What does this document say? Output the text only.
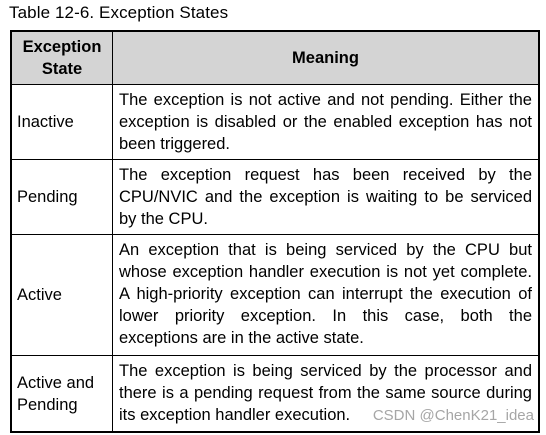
Table 12-6. Exception States
Exception
State	Meaning
Inactive	The exception is not active and not pending. Either the exception is disabled or the enabled exception has not been triggered.
Pending	The exception request has been received by the CPU/NVIC and the exception is waiting to be serviced by the CPU.
Active	An exception that is being serviced by the CPU but whose exception handler execution is not yet complete. A high-priority exception can interrupt the execution of lower priority exception. In this case, both the exceptions are in the active state.
Active and
Pending	The exception is being serviced by the processor and there is a pending request from the same source during its exception handler execution. CSDN @ChenK21_idea
